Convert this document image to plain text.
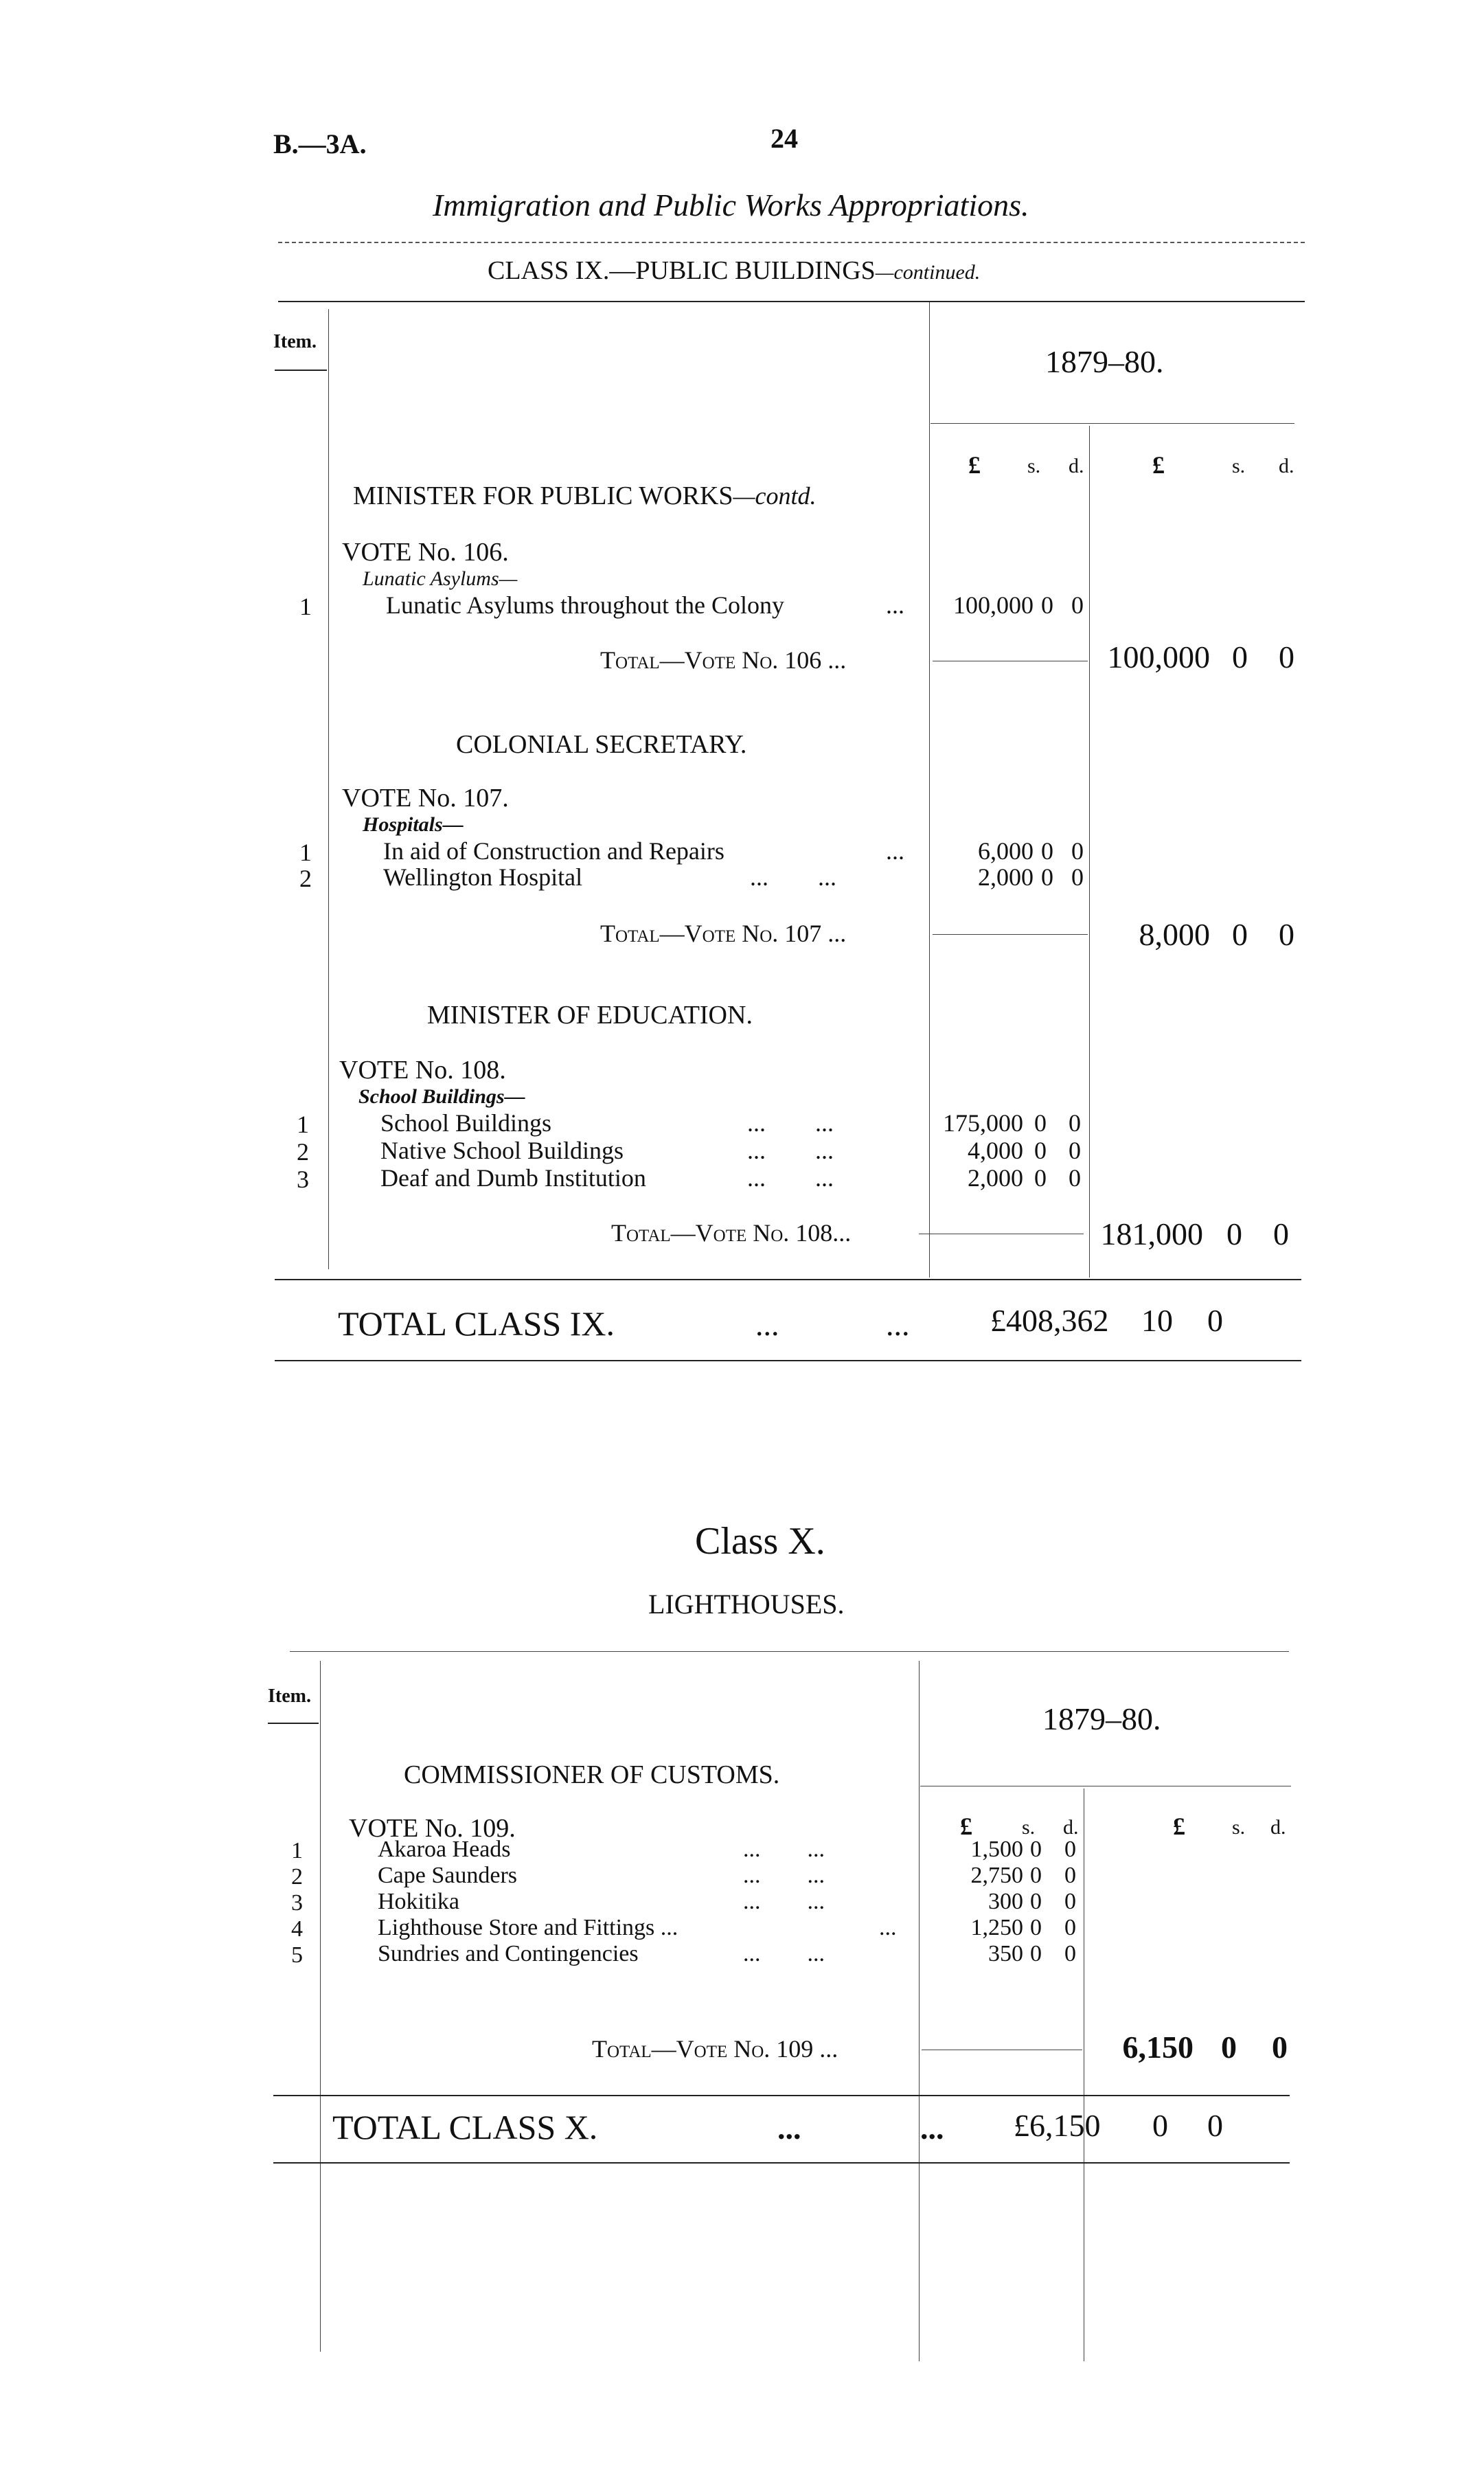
B.—3A.	24
Immigration and Public Works Appropriations.
CLASS IX.—PUBLIC BUILDINGS—continued.
Item.
1879–80.
£ s. d.	£	s. d.
MINISTER FOR PUBLIC WORKS—contd.
VOTE No. 106.
Lunatic Asylums—
1	Lunatic Asylums throughout the Colony	...	100,000 0 0
Total—Vote No. 106 ...	100,000 0 0
COLONIAL SECRETARY.
VOTE No. 107.
Hospitals—
1	In aid of Construction and Repairs	...	6,000 0 0
2	Wellington Hospital	...        ...	2,000 0 0
Total—Vote No. 107 ...	8,000 0 0
MINISTER OF EDUCATION.
VOTE No. 108.
School Buildings—
1	School Buildings	...        ...	175,000 0 0
2	Native School Buildings	...        ...	4,000 0 0
3	Deaf and Dumb Institution	...        ...	2,000 0 0
Total—Vote No. 108...	181,000 0 0
TOTAL CLASS IX.	...	...	£408,362 10 0
Class X.
LIGHTHOUSES.
Item.
1879–80.
COMMISSIONER OF CUSTOMS.
VOTE No. 109.	£ s. d.	£ s. d.
1	Akaroa Heads	...        ...	1,500 0 0
2	Cape Saunders	...        ...	2,750 0 0
3	Hokitika	...        ...	300 0 0
4	Lighthouse Store and Fittings ...	...	1,250 0 0
5	Sundries and Contingencies	...        ...	350 0 0
Total—Vote No. 109 ...	6,150 0 0
TOTAL CLASS X.	...	... £6,150 0 0
